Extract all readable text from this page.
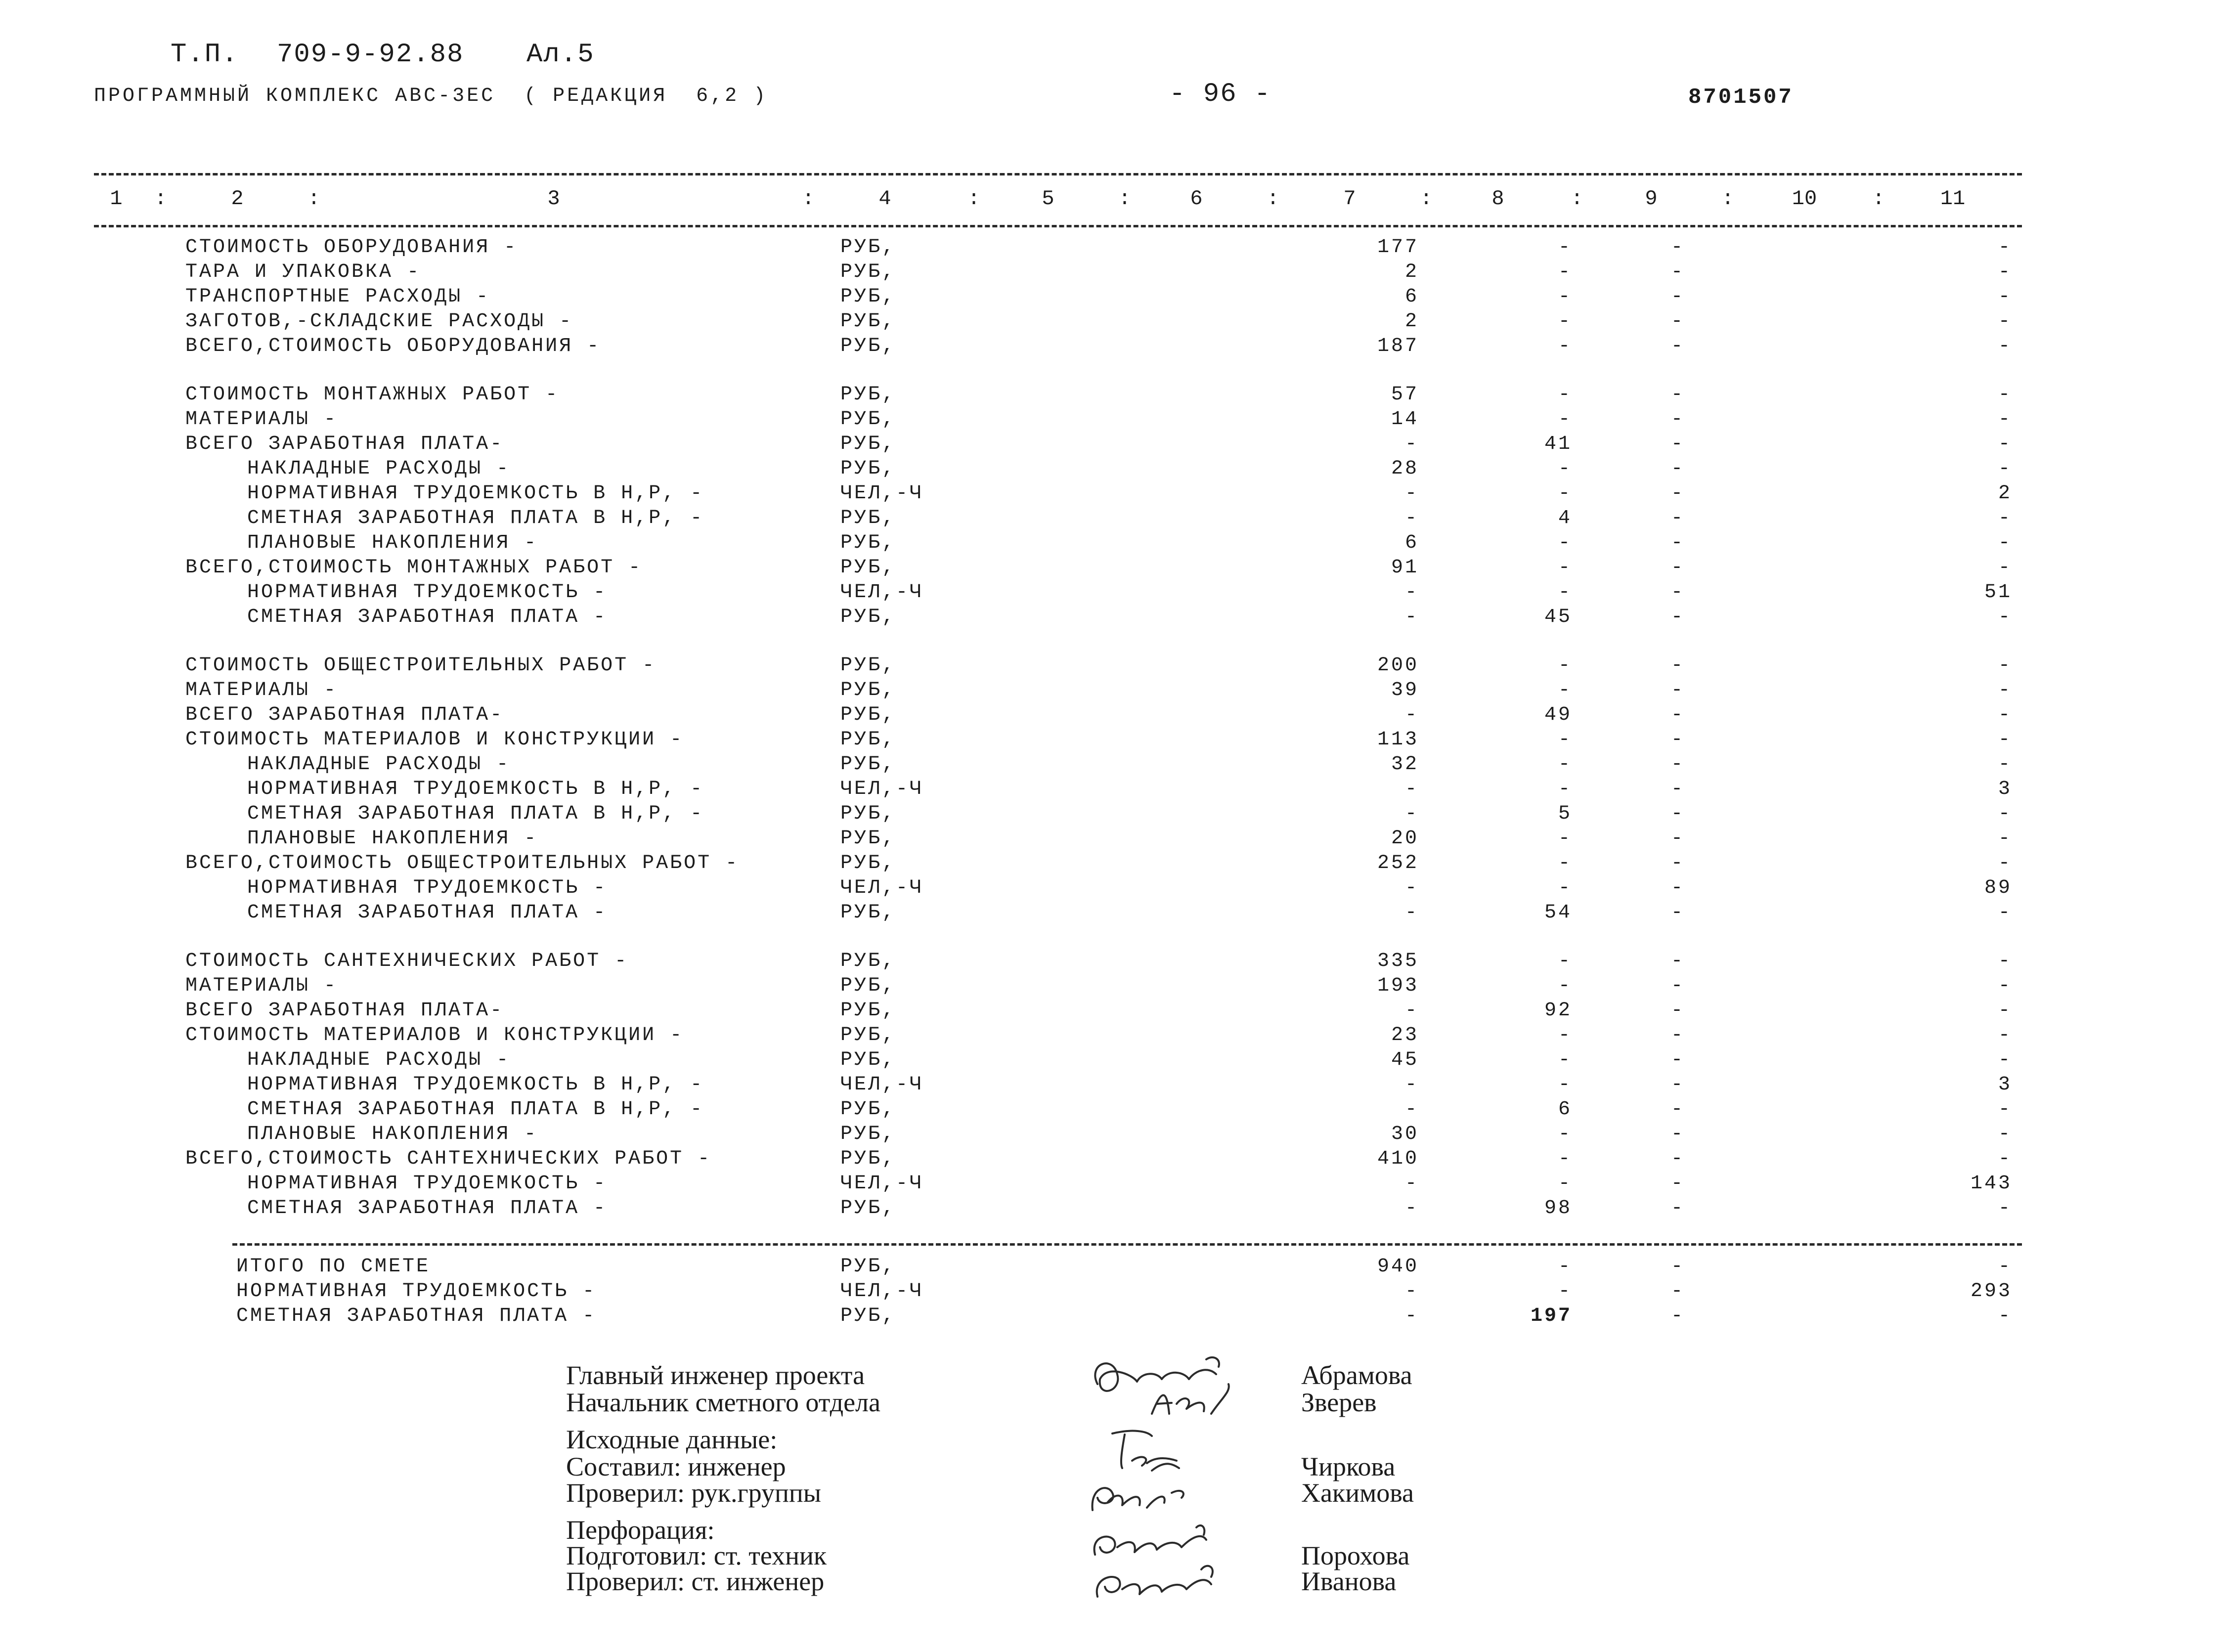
Т.П. 709-9-92.88 Ал.5
ПРОГРАММНЫЙ КОМПЛЕКС АВС-3ЕС  ( РЕДАКЦИЯ  6,2 )	- 96 -	8701507
1	2	3	4	5	6	7	8	9	10	11
:	:	:	:	:	:	:	:	:	:
СТОИМОСТЬ ОБОРУДОВАНИЯ -	РУБ,	177	-	-	-
ТАРА И УПАКОВКА -	РУБ,	2	-	-	-
ТРАНСПОРТНЫЕ РАСХОДЫ -	РУБ,	6	-	-	-
ЗАГОТОВ,-СКЛАДСКИЕ РАСХОДЫ -	РУБ,	2	-	-	-
ВСЕГО,СТОИМОСТЬ ОБОРУДОВАНИЯ -	РУБ,	187	-	-	-
СТОИМОСТЬ МОНТАЖНЫХ РАБОТ -	РУБ,	57	-	-	-
МАТЕРИАЛЫ -	РУБ,	14	-	-	-
ВСЕГО ЗАРАБОТНАЯ ПЛАТА-	РУБ,	-	41	-	-
НАКЛАДНЫЕ РАСХОДЫ -	РУБ,	28	-	-	-
НОРМАТИВНАЯ ТРУДОЕМКОСТЬ В Н,Р, -	ЧЕЛ,-Ч	-	-	-	2
СМЕТНАЯ ЗАРАБОТНАЯ ПЛАТА В Н,Р, -	РУБ,	-	4	-	-
ПЛАНОВЫЕ НАКОПЛЕНИЯ -	РУБ,	6	-	-	-
ВСЕГО,СТОИМОСТЬ МОНТАЖНЫХ РАБОТ -	РУБ,	91	-	-	-
НОРМАТИВНАЯ ТРУДОЕМКОСТЬ -	ЧЕЛ,-Ч	-	-	-	51
СМЕТНАЯ ЗАРАБОТНАЯ ПЛАТА -	РУБ,	-	45	-	-
СТОИМОСТЬ ОБЩЕСТРОИТЕЛЬНЫХ РАБОТ -	РУБ,	200	-	-	-
МАТЕРИАЛЫ -	РУБ,	39	-	-	-
ВСЕГО ЗАРАБОТНАЯ ПЛАТА-	РУБ,	-	49	-	-
СТОИМОСТЬ МАТЕРИАЛОВ И КОНСТРУКЦИИ -	РУБ,	113	-	-	-
НАКЛАДНЫЕ РАСХОДЫ -	РУБ,	32	-	-	-
НОРМАТИВНАЯ ТРУДОЕМКОСТЬ В Н,Р, -	ЧЕЛ,-Ч	-	-	-	3
СМЕТНАЯ ЗАРАБОТНАЯ ПЛАТА В Н,Р, -	РУБ,	-	5	-	-
ПЛАНОВЫЕ НАКОПЛЕНИЯ -	РУБ,	20	-	-	-
ВСЕГО,СТОИМОСТЬ ОБЩЕСТРОИТЕЛЬНЫХ РАБОТ -	РУБ,	252	-	-	-
НОРМАТИВНАЯ ТРУДОЕМКОСТЬ -	ЧЕЛ,-Ч	-	-	-	89
СМЕТНАЯ ЗАРАБОТНАЯ ПЛАТА -	РУБ,	-	54	-	-
СТОИМОСТЬ САНТЕХНИЧЕСКИХ РАБОТ -	РУБ,	335	-	-	-
МАТЕРИАЛЫ -	РУБ,	193	-	-	-
ВСЕГО ЗАРАБОТНАЯ ПЛАТА-	РУБ,	-	92	-	-
СТОИМОСТЬ МАТЕРИАЛОВ И КОНСТРУКЦИИ -	РУБ,	23	-	-	-
НАКЛАДНЫЕ РАСХОДЫ -	РУБ,	45	-	-	-
НОРМАТИВНАЯ ТРУДОЕМКОСТЬ В Н,Р, -	ЧЕЛ,-Ч	-	-	-	3
СМЕТНАЯ ЗАРАБОТНАЯ ПЛАТА В Н,Р, -	РУБ,	-	6	-	-
ПЛАНОВЫЕ НАКОПЛЕНИЯ -	РУБ,	30	-	-	-
ВСЕГО,СТОИМОСТЬ САНТЕХНИЧЕСКИХ РАБОТ -	РУБ,	410	-	-	-
НОРМАТИВНАЯ ТРУДОЕМКОСТЬ -	ЧЕЛ,-Ч	-	-	-	143
СМЕТНАЯ ЗАРАБОТНАЯ ПЛАТА -	РУБ,	-	98	-	-
ИТОГО ПО СМЕТЕ	РУБ,	940	-	-	-
НОРМАТИВНАЯ ТРУДОЕМКОСТЬ -	ЧЕЛ,-Ч	-	-	-	293
СМЕТНАЯ ЗАРАБОТНАЯ ПЛАТА -	РУБ,	-	197	-	-
Главный инженер проекта
Начальник сметного отдела
Исходные данные:
Составил: инженер
Проверил: рук.группы
Перфорация:
Подготовил: ст. техник
Проверил: ст. инженер
Абрамова
Зверев
Чиркова
Хакимова
Порохова
Иванова
